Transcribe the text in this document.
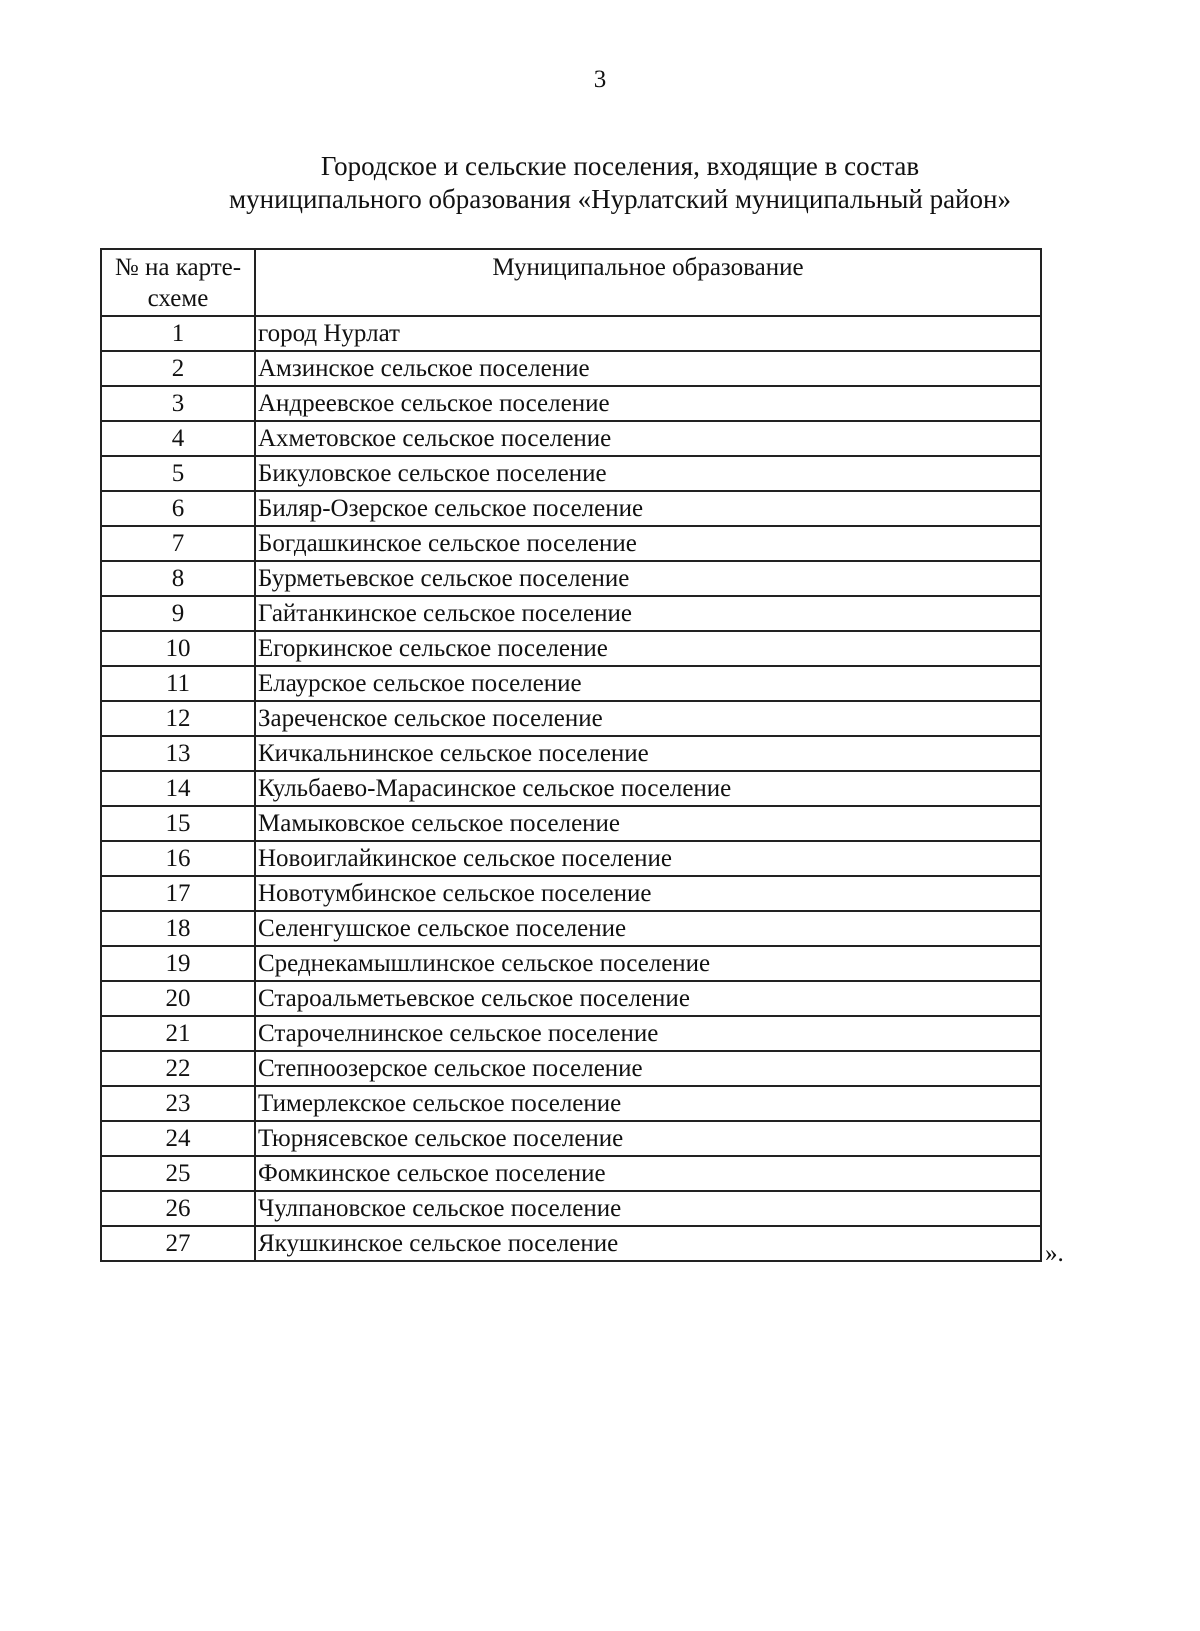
3
Городское и сельские поселения, входящие в состав
муниципального образования «Нурлатский муниципальный район»
№ на карте-
схеме	Муниципальное образование
1	город Нурлат
2	Амзинское сельское поселение
3	Андреевское сельское поселение
4	Ахметовское сельское поселение
5	Бикуловское сельское поселение
6	Биляр-Озерское сельское поселение
7	Богдашкинское сельское поселение
8	Бурметьевское сельское поселение
9	Гайтанкинское сельское поселение
10	Егоркинское сельское поселение
11	Елаурское сельское поселение
12	Зареченское сельское поселение
13	Кичкальнинское сельское поселение
14	Кульбаево-Марасинское сельское поселение
15	Мамыковское сельское поселение
16	Новоиглайкинское сельское поселение
17	Новотумбинское сельское поселение
18	Селенгушское сельское поселение
19	Среднекамышлинское сельское поселение
20	Староальметьевское сельское поселение
21	Старочелнинское сельское поселение
22	Степноозерское сельское поселение
23	Тимерлекское сельское поселение
24	Тюрнясевское сельское поселение
25	Фомкинское сельское поселение
26	Чулпановское сельское поселение
27	Якушкинское сельское поселение	».
